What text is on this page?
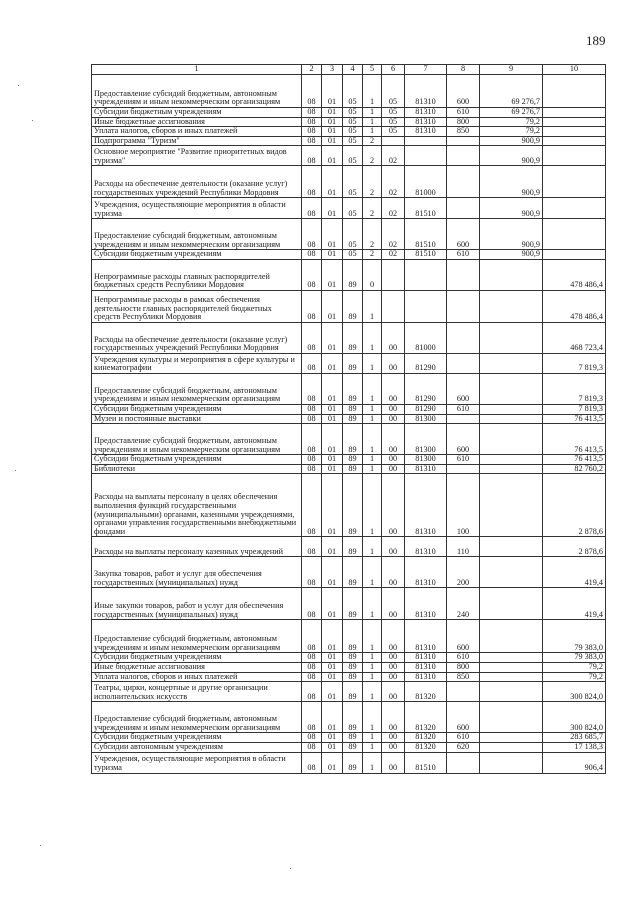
189
1	2	3	4	5	6	7	8	9	10
Предоставление субсидий бюджетным, автономным учреждениям и иным некоммерческим организациям	08	01	05	1	05	81310	600	69 276,7	
Субсидии бюджетным учреждениям	08	01	05	1	05	81310	610	69 276,7	
Иные бюджетные ассигнования	08	01	05	1	05	81310	800	79,2	
Уплата налогов, сборов и иных платежей	08	01	05	1	05	81310	850	79,2	
Подпрограмма "Туризм"	08	01	05	2				900,9	
Основное мероприятие "Развитие приоритетных видов туризма"	08	01	05	2	02			900,9	
Расходы на обеспечение деятельности (оказание услуг) государственных учреждений Республики Мордовия	08	01	05	2	02	81000		900,9	
Учреждения, осуществляющие мероприятия в области туризма	08	01	05	2	02	81510		900,9	
Предоставление субсидий бюджетным, автономным учреждениям и иным некоммерческим организациям	08	01	05	2	02	81510	600	900,9	
Субсидии бюджетным учреждениям	08	01	05	2	02	81510	610	900,9	
Непрограммные расходы главных распорядителей бюджетных средств Республики Мордовия	08	01	89	0					478 486,4
Непрограммные расходы в рамках обеспечения деятельности главных распорядителей бюджетных средств Республики Мордовия	08	01	89	1					478 486,4
Расходы на обеспечение деятельности (оказание услуг) государственных учреждений Республики Мордовия	08	01	89	1	00	81000			468 723,4
Учреждения культуры и мероприятия в сфере культуры и кинематографии	08	01	89	1	00	81290			7 819,3
Предоставление субсидий бюджетным, автономным учреждениям и иным некоммерческим организациям	08	01	89	1	00	81290	600		7 819,3
Субсидии бюджетным учреждениям	08	01	89	1	00	81290	610		7 819,3
Музеи и постоянные выставки	08	01	89	1	00	81300			76 413,5
Предоставление субсидий бюджетным, автономным учреждениям и иным некоммерческим организациям	08	01	89	1	00	81300	600		76 413,5
Субсидии бюджетным учреждениям	08	01	89	1	00	81300	610		76 413,5
Библиотеки	08	01	89	1	00	81310			82 760,2
Расходы на выплаты персоналу в целях обеспечения выполнения функций государственными (муниципальными) органами, казенными учреждениями, органами управления государственными внебюджетными фондами	08	01	89	1	00	81310	100		2 878,6
Расходы на выплаты персоналу казенных учреждений	08	01	89	1	00	81310	110		2 878,6
Закупка товаров, работ и услуг для обеспечения государственных (муниципальных) нужд	08	01	89	1	00	81310	200		419,4
Иные закупки товаров, работ и услуг для обеспечения государственных (муниципальных) нужд	08	01	89	1	00	81310	240		419,4
Предоставление субсидий бюджетным, автономным учреждениям и иным некоммерческим организациям	08	01	89	1	00	81310	600		79 383,0
Субсидии бюджетным учреждениям	08	01	89	1	00	81310	610		79 383,0
Иные бюджетные ассигнования	08	01	89	1	00	81310	800		79,2
Уплата налогов, сборов и иных платежей	08	01	89	1	00	81310	850		79,2
Театры, цирки, концертные и другие организации исполнительских искусств	08	01	89	1	00	81320			300 824,0
Предоставление субсидий бюджетным, автономным учреждениям и иным некоммерческим организациям	08	01	89	1	00	81320	600		300 824,0
Субсидии бюджетным учреждениям	08	01	89	1	00	81320	610		283 685,7
Субсидии автономным учреждениям	08	01	89	1	00	81320	620		17 138,3
Учреждения, осуществляющие мероприятия в области туризма	08	01	89	1	00	81510			906,4
